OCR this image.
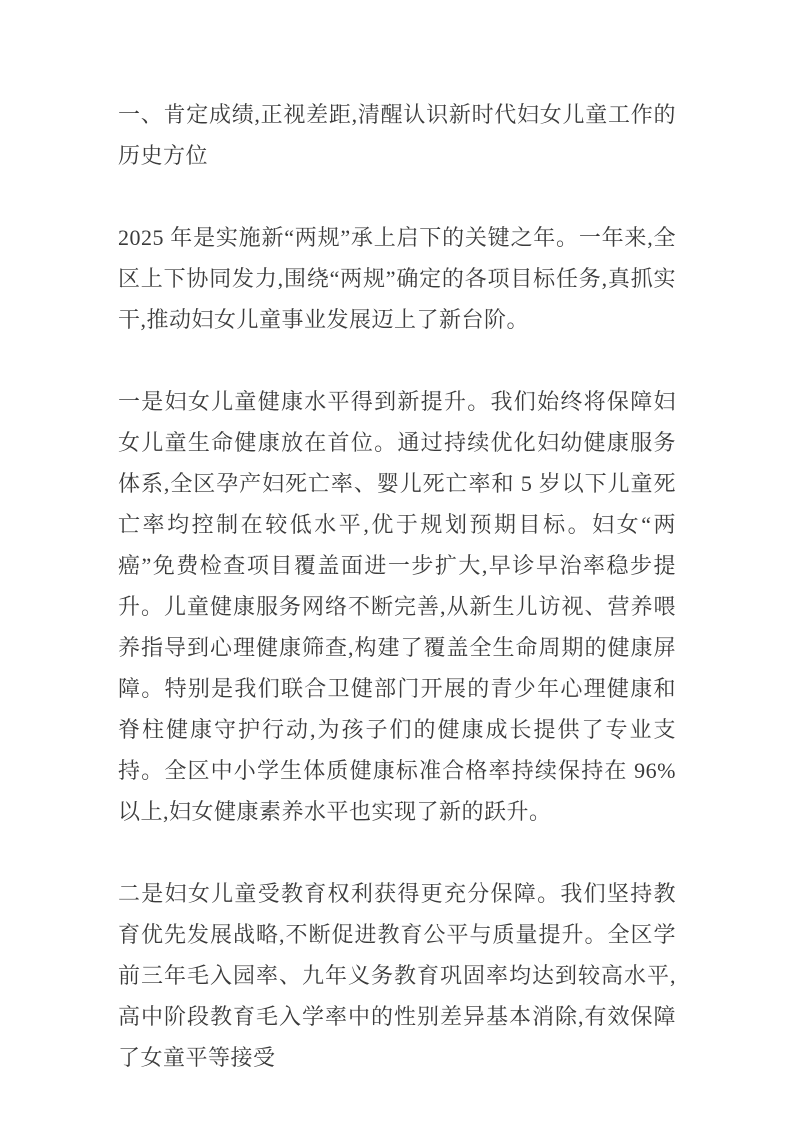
一、肯定成绩,正视差距,清醒认识新时代妇女儿童工作的历史方位

2025 年是实施新“两规”承上启下的关键之年。一年来,全区上下协同发力,围绕“两规”确定的各项目标任务,真抓实干,推动妇女儿童事业发展迈上了新台阶。

一是妇女儿童健康水平得到新提升。我们始终将保障妇女儿童生命健康放在首位。通过持续优化妇幼健康服务体系,全区孕产妇死亡率、婴儿死亡率和 5 岁以下儿童死亡率均控制在较低水平,优于规划预期目标。妇女“两癌”免费检查项目覆盖面进一步扩大,早诊早治率稳步提升。儿童健康服务网络不断完善,从新生儿访视、营养喂养指导到心理健康筛查,构建了覆盖全生命周期的健康屏障。特别是我们联合卫健部门开展的青少年心理健康和脊柱健康守护行动,为孩子们的健康成长提供了专业支持。全区中小学生体质健康标准合格率持续保持在 96%以上,妇女健康素养水平也实现了新的跃升。

二是妇女儿童受教育权利获得更充分保障。我们坚持教育优先发展战略,不断促进教育公平与质量提升。全区学前三年毛入园率、九年义务教育巩固率均达到较高水平,高中阶段教育毛入学率中的性别差异基本消除,有效保障了女童平等接受
